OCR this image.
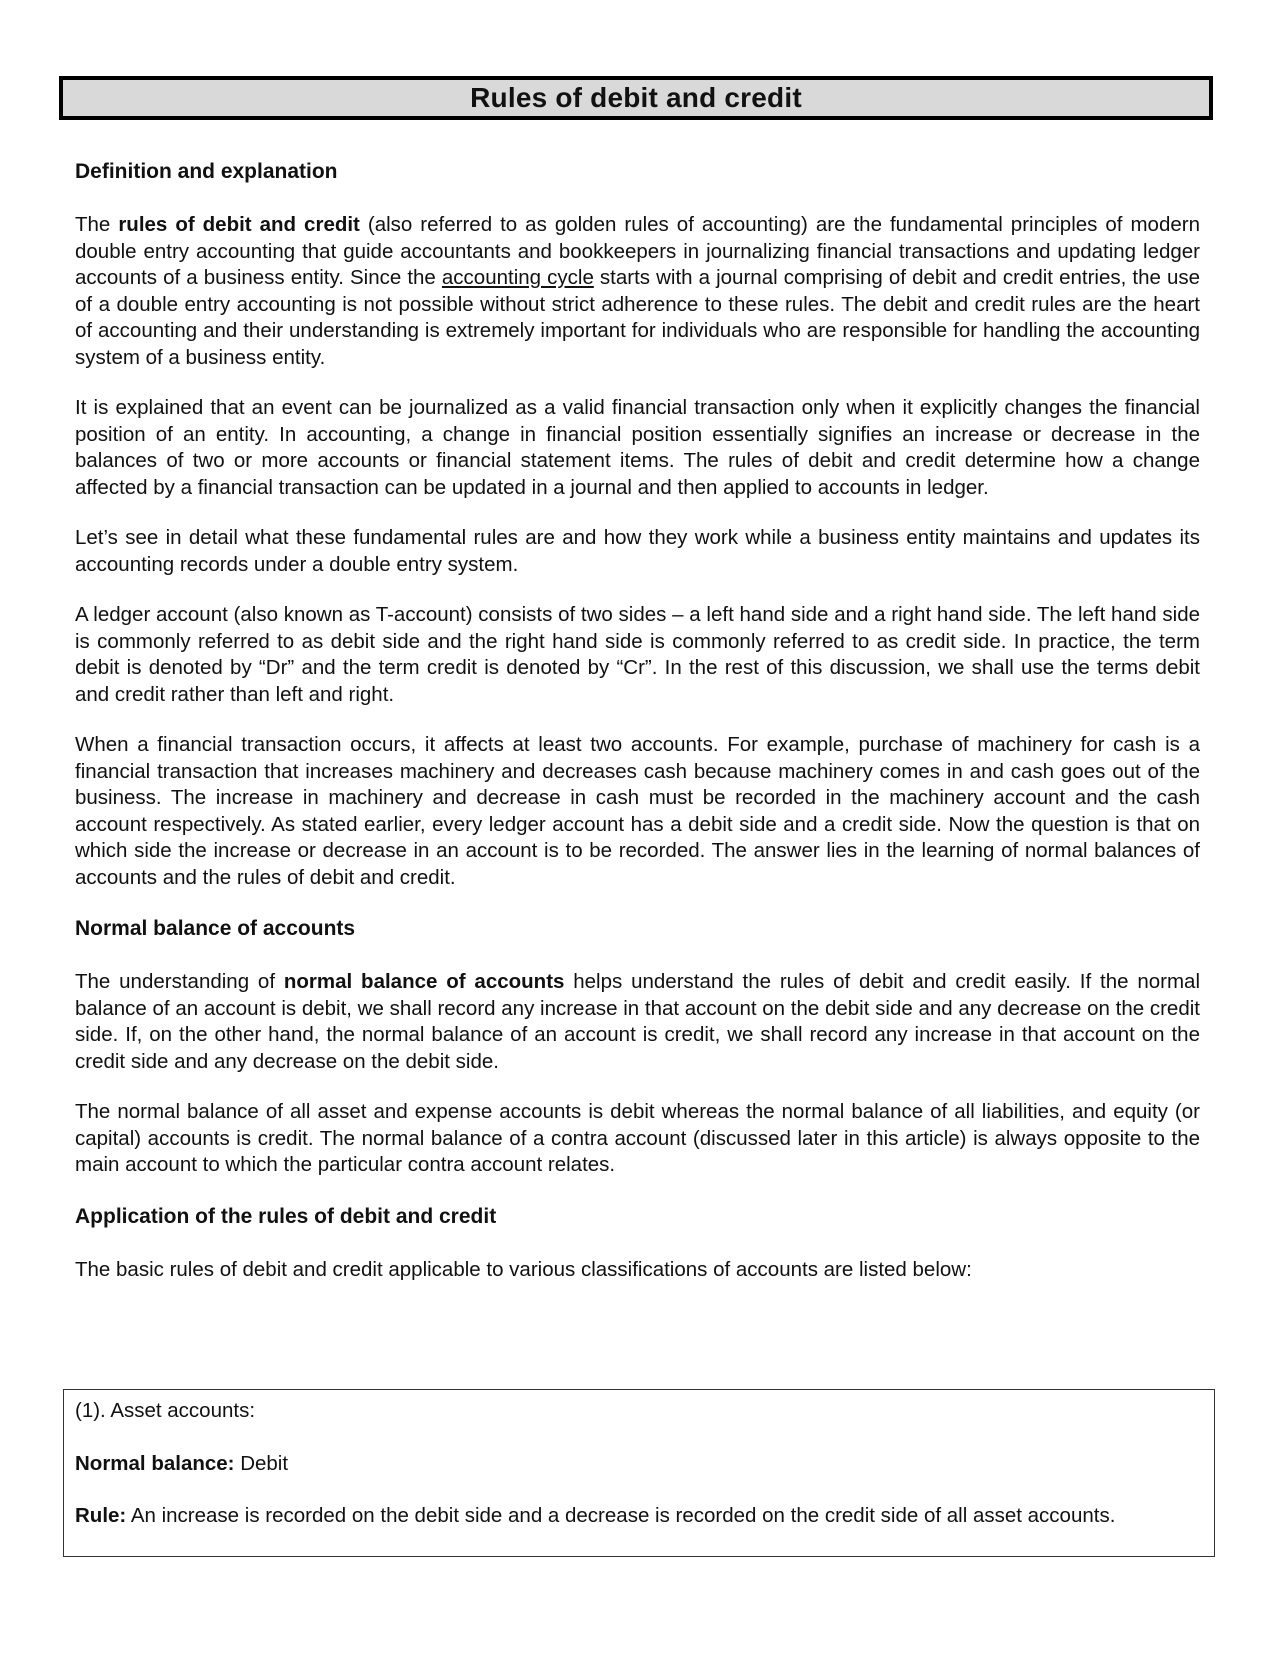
Rules of debit and credit
Definition and explanation

The rules of debit and credit (also referred to as golden rules of accounting) are the fundamental principles of modern double entry accounting that guide accountants and bookkeepers in journalizing financial transactions and updating ledger accounts of a business entity. Since the accounting cycle starts with a journal comprising of debit and credit entries, the use of a double entry accounting is not possible without strict adherence to these rules. The debit and credit rules are the heart of accounting and their understanding is extremely important for individuals who are responsible for handling the accounting system of a business entity.

It is explained that an event can be journalized as a valid financial transaction only when it explicitly changes the financial position of an entity. In accounting, a change in financial position essentially signifies an increase or decrease in the balances of two or more accounts or financial statement items. The rules of debit and credit determine how a change affected by a financial transaction can be updated in a journal and then applied to accounts in ledger.

Let’s see in detail what these fundamental rules are and how they work while a business entity maintains and updates its accounting records under a double entry system.

A ledger account (also known as T-account) consists of two sides – a left hand side and a right hand side. The left hand side is commonly referred to as debit side and the right hand side is commonly referred to as credit side. In practice, the term debit is denoted by “Dr” and the term credit is denoted by “Cr”. In the rest of this discussion, we shall use the terms debit and credit rather than left and right.

When a financial transaction occurs, it affects at least two accounts. For example, purchase of machinery for cash is a financial transaction that increases machinery and decreases cash because machinery comes in and cash goes out of the business. The increase in machinery and decrease in cash must be recorded in the machinery account and the cash account respectively. As stated earlier, every ledger account has a debit side and a credit side. Now the question is that on which side the increase or decrease in an account is to be recorded. The answer lies in the learning of normal balances of accounts and the rules of debit and credit.

Normal balance of accounts

The understanding of normal balance of accounts helps understand the rules of debit and credit easily. If the normal balance of an account is debit, we shall record any increase in that account on the debit side and any decrease on the credit side. If, on the other hand, the normal balance of an account is credit, we shall record any increase in that account on the credit side and any decrease on the debit side.

The normal balance of all asset and expense accounts is debit whereas the normal balance of all liabilities, and equity (or capital) accounts is credit. The normal balance of a contra account (discussed later in this article) is always opposite to the main account to which the particular contra account relates.

Application of the rules of debit and credit

The basic rules of debit and credit applicable to various classifications of accounts are listed below:

(1). Asset accounts:

Normal balance: Debit

Rule: An increase is recorded on the debit side and a decrease is recorded on the credit side of all asset accounts.
